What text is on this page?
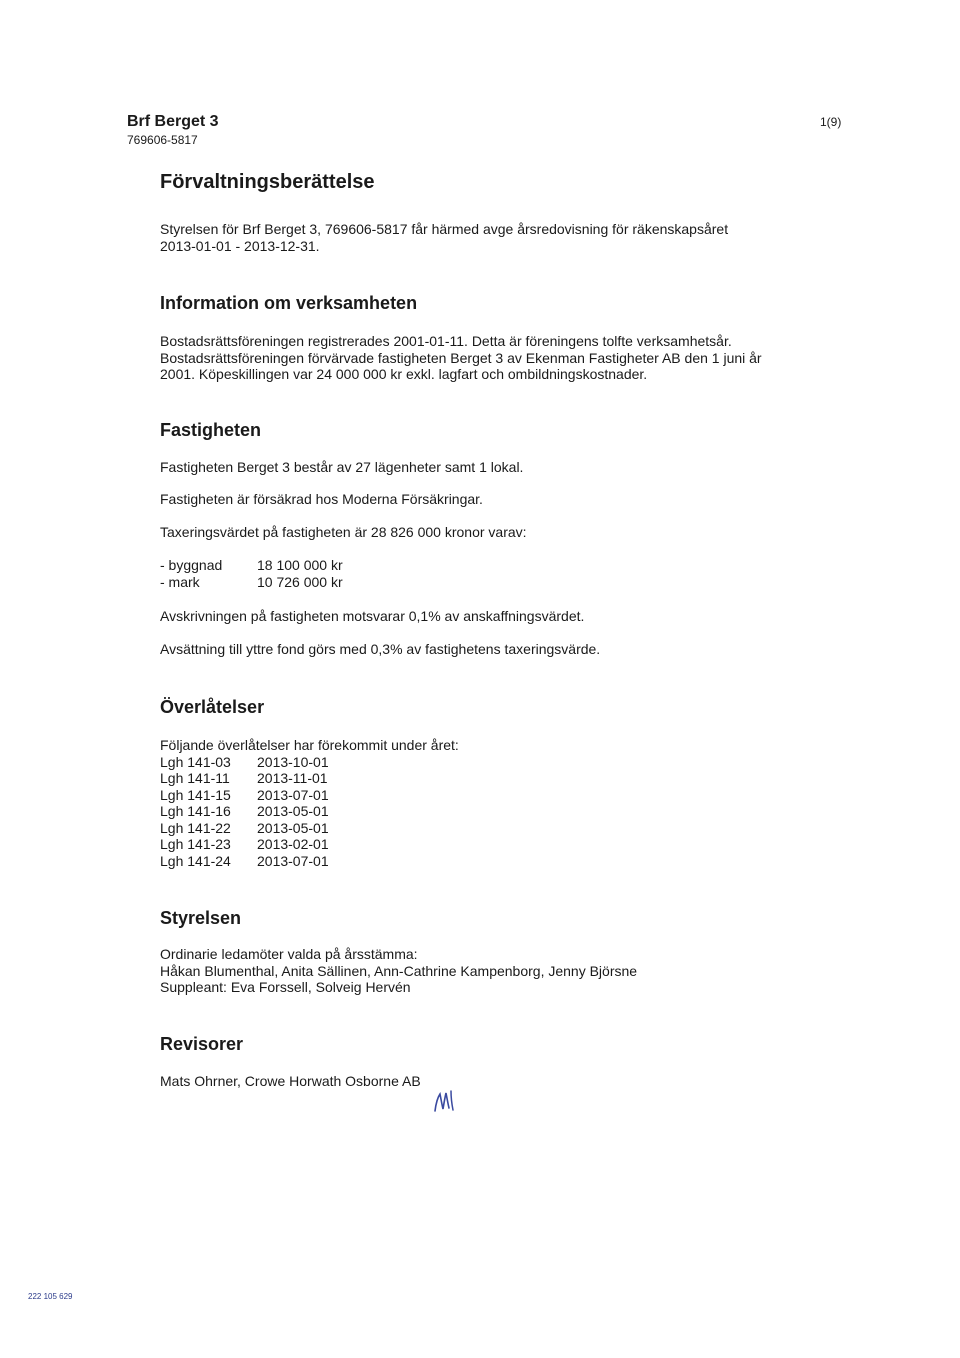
Brf Berget 3
769606-5817
1(9)
Förvaltningsberättelse
Styrelsen för Brf Berget 3, 769606-5817 får härmed avge årsredovisning för räkenskapsåret
2013-01-01 - 2013-12-31.
Information om verksamheten
Bostadsrättsföreningen registrerades 2001-01-11. Detta är föreningens tolfte verksamhetsår.
Bostadsrättsföreningen förvärvade fastigheten Berget 3 av Ekenman Fastigheter AB den 1 juni år
2001. Köpeskillingen var 24 000 000 kr exkl. lagfart och ombildningskostnader.
Fastigheten
Fastigheten Berget 3 består av 27 lägenheter samt 1 lokal.
Fastigheten är försäkrad hos Moderna Försäkringar.
Taxeringsvärdet på fastigheten är 28 826 000 kronor varav:
- byggnad 18 100 000 kr
- mark	10 726 000 kr
Avskrivningen på fastigheten motsvarar 0,1% av anskaffningsvärdet.
Avsättning till yttre fond görs med 0,3% av fastighetens taxeringsvärde.
Överlåtelser
Följande överlåtelser har förekommit under året:
Lgh 141-03 2013-10-01
Lgh 141-11 2013-11-01
Lgh 141-15 2013-07-01
Lgh 141-16 2013-05-01
Lgh 141-22 2013-05-01
Lgh 141-23 2013-02-01
Lgh 141-24 2013-07-01
Styrelsen
Ordinarie ledamöter valda på årsstämma:
Håkan Blumenthal, Anita Sällinen, Ann-Cathrine Kampenborg, Jenny Björsne
Suppleant: Eva Forssell, Solveig Hervén
Revisorer
Mats Ohrner, Crowe Horwath Osborne AB
222 105 629
